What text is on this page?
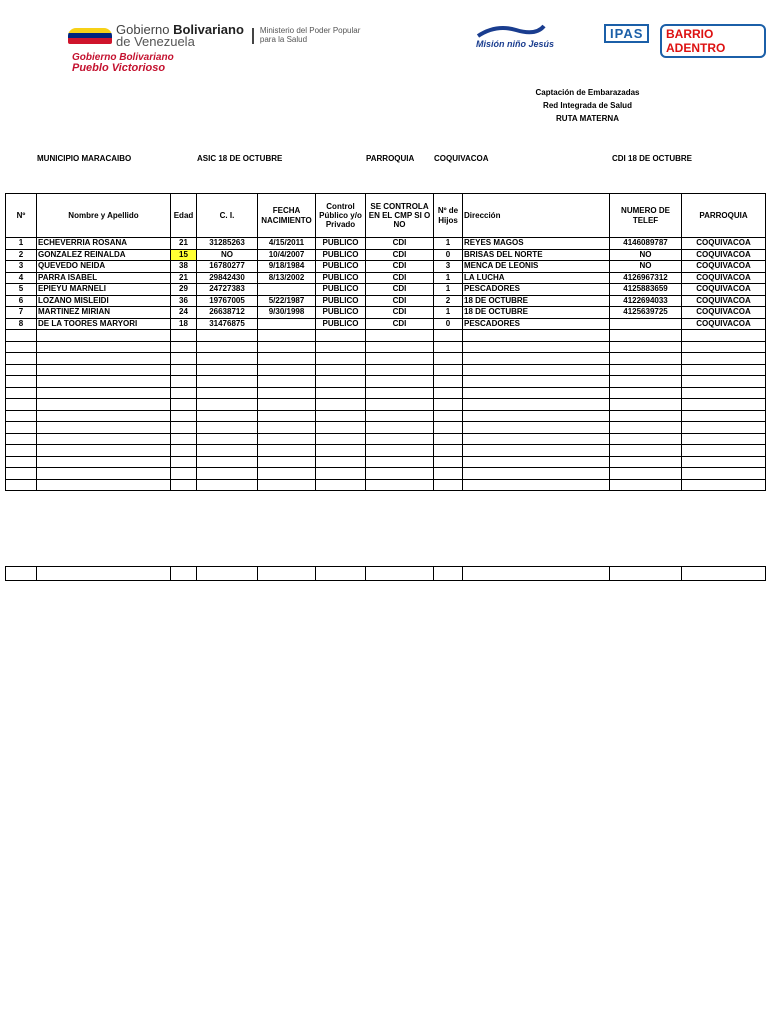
Gobierno Bolivariano
de Venezuela
Ministerio del Poder Popular
para la Salud	Misión niño Jesús
IPAS	BARRIO ADENTRO
Gobierno Bolivariano
Pueblo Victorioso
Captación de Embarazadas
Red Integrada de Salud
RUTA MATERNA
MUNICIPIO MARACAIBO	ASIC 18 DE OCTUBRE	PARROQUIA COQUIVACOA	CDI 18 DE OCTUBRE
Nº	Nombre y Apellido	Edad	C. I.	FECHA NACIMIENTO	Control Público y/o Privado	SE CONTROLA EN EL CMP SI O NO	Nº de Hijos	Dirección	NUMERO DE TELEF	PARROQUIA
1	ECHEVERRIA ROSANA	21	31285263	4/15/2011	PUBLICO	CDI	1	REYES MAGOS	4146089787	COQUIVACOA
2	GONZALEZ REINALDA	15	NO	10/4/2007	PUBLICO	CDI	0	BRISAS DEL NORTE	NO	COQUIVACOA
3	QUEVEDO NEIDA	38	16780277	9/18/1984	PUBLICO	CDI	3	MENCA DE LEONIS	NO	COQUIVACOA
4	PARRA ISABEL	21	29842430	8/13/2002	PUBLICO	CDI	1	LA LUCHA	4126967312	COQUIVACOA
5	EPIEYU MARNELI	29	24727383		PUBLICO	CDI	1	PESCADORES	4125883659	COQUIVACOA
6	LOZANO MISLEIDI	36	19767005	5/22/1987	PUBLICO	CDI	2	18 DE OCTUBRE	4122694033	COQUIVACOA
7	MARTINEZ MIRIAN	24	26638712	9/30/1998	PUBLICO	CDI	1	18 DE OCTUBRE	4125639725	COQUIVACOA
8	DE LA TOORES MARYORI	18	31476875		PUBLICO	CDI	0	PESCADORES		COQUIVACOA
